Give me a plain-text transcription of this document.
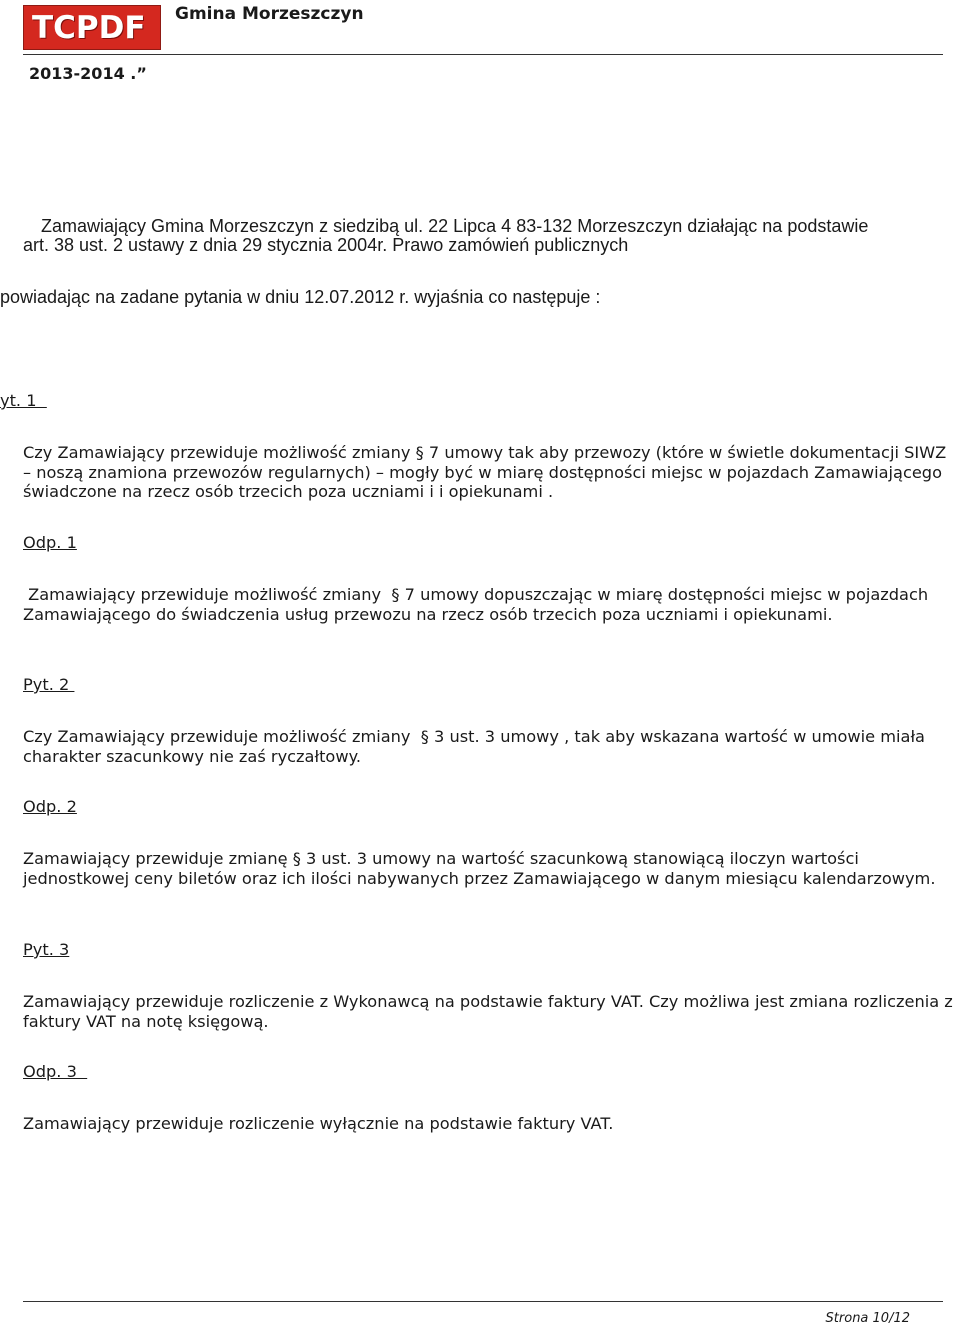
TCPDF Gmina Morzeszczyn
2013-2014 .”
Zamawiający Gmina Morzeszczyn z siedzibą ul. 22 Lipca 4 83-132 Morzeszczyn działając na podstawie
art. 38 ust. 2 ustawy z dnia 29 stycznia 2004r. Prawo zamówień publicznych
powiadając na zadane pytania w dniu 12.07.2012 r. wyjaśnia co następuje :
yt. 1
Czy Zamawiający przewiduje możliwość zmiany § 7 umowy tak aby przewozy (które w świetle dokumentacji SIWZ – noszą znamiona przewozów regularnych) – mogły być w miarę dostępności miejsc w pojazdach Zamawiającego świadczone na rzecz osób trzecich poza uczniami i i opiekunami .
Odp. 1
Zamawiający przewiduje możliwość zmiany  § 7 umowy dopuszczając w miarę dostępności miejsc w pojazdach Zamawiającego do świadczenia usług przewozu na rzecz osób trzecich poza uczniami i opiekunami.
Pyt. 2
Czy Zamawiający przewiduje możliwość zmiany  § 3 ust. 3 umowy , tak aby wskazana wartość w umowie miała charakter szacunkowy nie zaś ryczałtowy.
Odp. 2
Zamawiający przewiduje zmianę § 3 ust. 3 umowy na wartość szacunkową stanowiącą iloczyn wartości jednostkowej ceny biletów oraz ich ilości nabywanych przez Zamawiającego w danym miesiącu kalendarzowym.
Pyt. 3
Zamawiający przewiduje rozliczenie z Wykonawcą na podstawie faktury VAT. Czy możliwa jest zmiana rozliczenia z faktury VAT na notę księgową.
Odp. 3
Zamawiający przewiduje rozliczenie wyłącznie na podstawie faktury VAT.
Strona 10/12
